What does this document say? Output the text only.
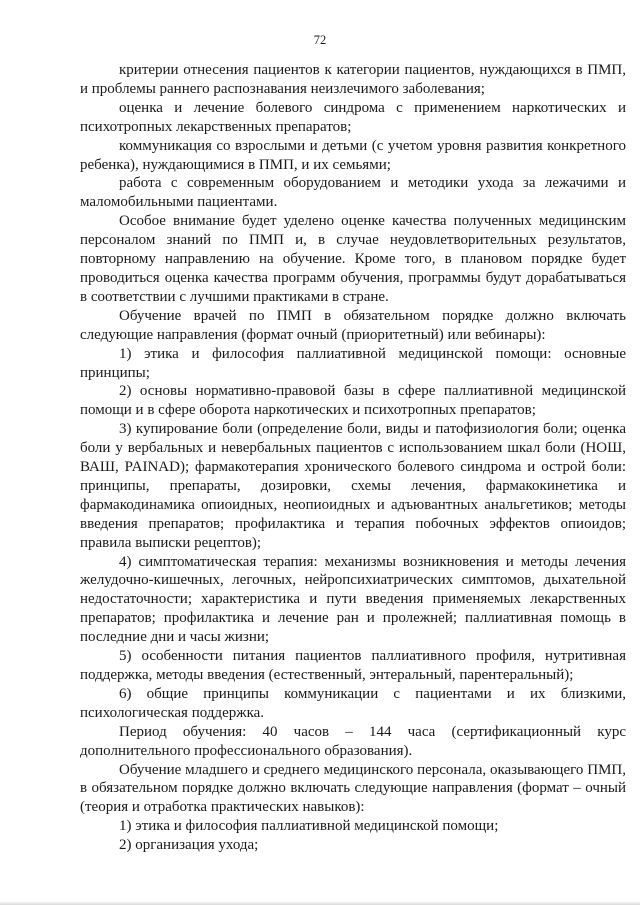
72

критерии отнесения пациентов к категории пациентов, нуждающихся в ПМП, и проблемы раннего распознавания неизлечимого заболевания;

оценка и лечение болевого синдрома с применением наркотических и психотропных лекарственных препаратов;

коммуникация со взрослыми и детьми (с учетом уровня развития конкретного ребенка), нуждающимися в ПМП, и их семьями;

работа с современным оборудованием и методики ухода за лежачими и маломобильными пациентами.

Особое внимание будет уделено оценке качества полученных медицинским персоналом знаний по ПМП и, в случае неудовлетворительных результатов, повторному направлению на обучение. Кроме того, в плановом порядке будет проводиться оценка качества программ обучения, программы будут дорабатываться в соответствии с лучшими практиками в стране.

Обучение врачей по ПМП в обязательном порядке должно включать следующие направления (формат очный (приоритетный) или вебинары):

1) этика и философия паллиативной медицинской помощи: основные принципы;

2) основы нормативно-правовой базы в сфере паллиативной медицинской помощи и в сфере оборота наркотических и психотропных препаратов;

3) купирование боли (определение боли, виды и патофизиология боли; оценка боли у вербальных и невербальных пациентов с использованием шкал боли (НОШ, ВАШ, PAINAD); фармакотерапия хронического болевого синдрома и острой боли: принципы, препараты, дозировки, схемы лечения, фармакокинетика и фармакодинамика опиоидных, неопиоидных и адъювантных анальгетиков; методы введения препаратов; профилактика и терапия побочных эффектов опиоидов; правила выписки рецептов);

4) симптоматическая терапия: механизмы возникновения и методы лечения желудочно-кишечных, легочных, нейропсихиатрических симптомов, дыхательной недостаточности; характеристика и пути введения применяемых лекарственных препаратов; профилактика и лечение ран и пролежней; паллиативная помощь в последние дни и часы жизни;

5) особенности питания пациентов паллиативного профиля, нутритивная поддержка, методы введения (естественный, энтеральный, парентеральный);

6) общие принципы коммуникации с пациентами и их близкими, психологическая поддержка.

Период обучения: 40 часов – 144 часа (сертификационный курс дополнительного профессионального образования).

Обучение младшего и среднего медицинского персонала, оказывающего ПМП, в обязательном порядке должно включать следующие направления (формат – очный (теория и отработка практических навыков):

1) этика и философия паллиативной медицинской помощи;

2) организация ухода;
